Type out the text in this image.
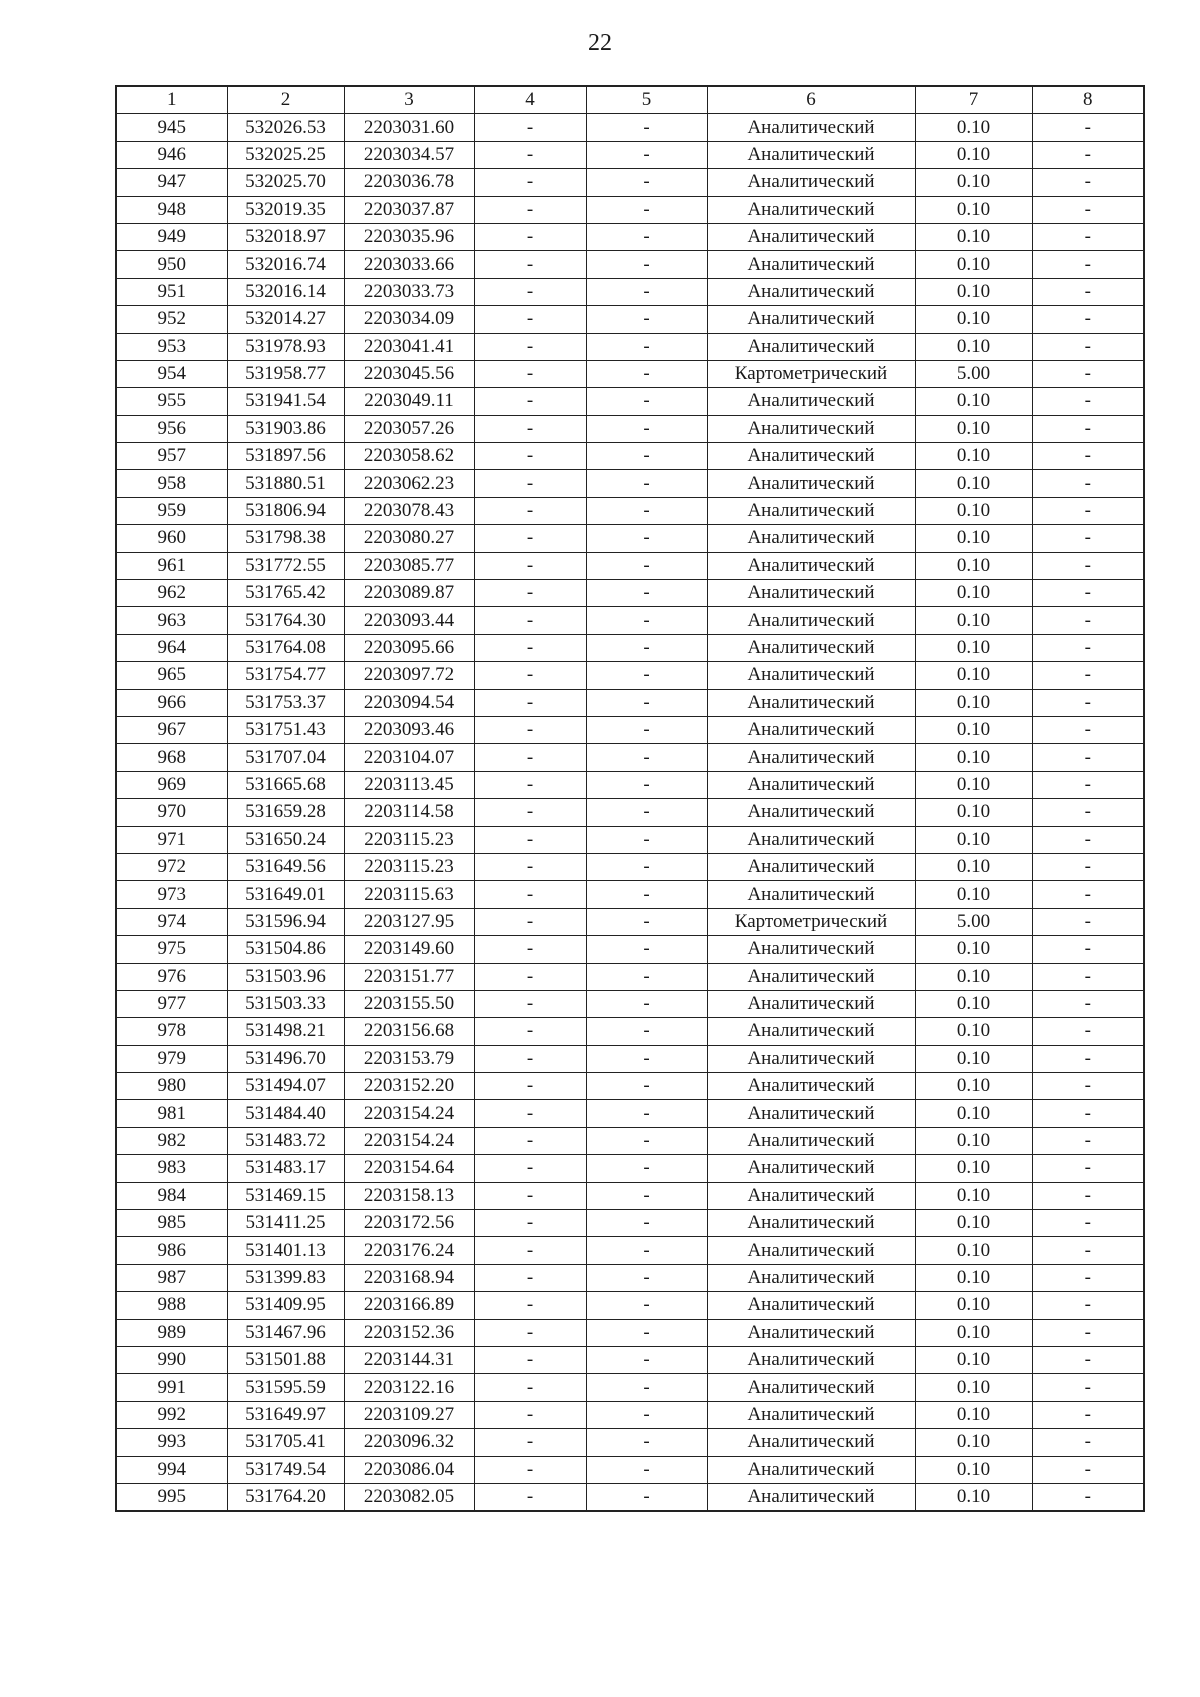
22
1	2	3	4	5	6	7	8
945	532026.53	2203031.60	-	-	Аналитический	0.10	-
946	532025.25	2203034.57	-	-	Аналитический	0.10	-
947	532025.70	2203036.78	-	-	Аналитический	0.10	-
948	532019.35	2203037.87	-	-	Аналитический	0.10	-
949	532018.97	2203035.96	-	-	Аналитический	0.10	-
950	532016.74	2203033.66	-	-	Аналитический	0.10	-
951	532016.14	2203033.73	-	-	Аналитический	0.10	-
952	532014.27	2203034.09	-	-	Аналитический	0.10	-
953	531978.93	2203041.41	-	-	Аналитический	0.10	-
954	531958.77	2203045.56	-	-	Картометрический	5.00	-
955	531941.54	2203049.11	-	-	Аналитический	0.10	-
956	531903.86	2203057.26	-	-	Аналитический	0.10	-
957	531897.56	2203058.62	-	-	Аналитический	0.10	-
958	531880.51	2203062.23	-	-	Аналитический	0.10	-
959	531806.94	2203078.43	-	-	Аналитический	0.10	-
960	531798.38	2203080.27	-	-	Аналитический	0.10	-
961	531772.55	2203085.77	-	-	Аналитический	0.10	-
962	531765.42	2203089.87	-	-	Аналитический	0.10	-
963	531764.30	2203093.44	-	-	Аналитический	0.10	-
964	531764.08	2203095.66	-	-	Аналитический	0.10	-
965	531754.77	2203097.72	-	-	Аналитический	0.10	-
966	531753.37	2203094.54	-	-	Аналитический	0.10	-
967	531751.43	2203093.46	-	-	Аналитический	0.10	-
968	531707.04	2203104.07	-	-	Аналитический	0.10	-
969	531665.68	2203113.45	-	-	Аналитический	0.10	-
970	531659.28	2203114.58	-	-	Аналитический	0.10	-
971	531650.24	2203115.23	-	-	Аналитический	0.10	-
972	531649.56	2203115.23	-	-	Аналитический	0.10	-
973	531649.01	2203115.63	-	-	Аналитический	0.10	-
974	531596.94	2203127.95	-	-	Картометрический	5.00	-
975	531504.86	2203149.60	-	-	Аналитический	0.10	-
976	531503.96	2203151.77	-	-	Аналитический	0.10	-
977	531503.33	2203155.50	-	-	Аналитический	0.10	-
978	531498.21	2203156.68	-	-	Аналитический	0.10	-
979	531496.70	2203153.79	-	-	Аналитический	0.10	-
980	531494.07	2203152.20	-	-	Аналитический	0.10	-
981	531484.40	2203154.24	-	-	Аналитический	0.10	-
982	531483.72	2203154.24	-	-	Аналитический	0.10	-
983	531483.17	2203154.64	-	-	Аналитический	0.10	-
984	531469.15	2203158.13	-	-	Аналитический	0.10	-
985	531411.25	2203172.56	-	-	Аналитический	0.10	-
986	531401.13	2203176.24	-	-	Аналитический	0.10	-
987	531399.83	2203168.94	-	-	Аналитический	0.10	-
988	531409.95	2203166.89	-	-	Аналитический	0.10	-
989	531467.96	2203152.36	-	-	Аналитический	0.10	-
990	531501.88	2203144.31	-	-	Аналитический	0.10	-
991	531595.59	2203122.16	-	-	Аналитический	0.10	-
992	531649.97	2203109.27	-	-	Аналитический	0.10	-
993	531705.41	2203096.32	-	-	Аналитический	0.10	-
994	531749.54	2203086.04	-	-	Аналитический	0.10	-
995	531764.20	2203082.05	-	-	Аналитический	0.10	-
